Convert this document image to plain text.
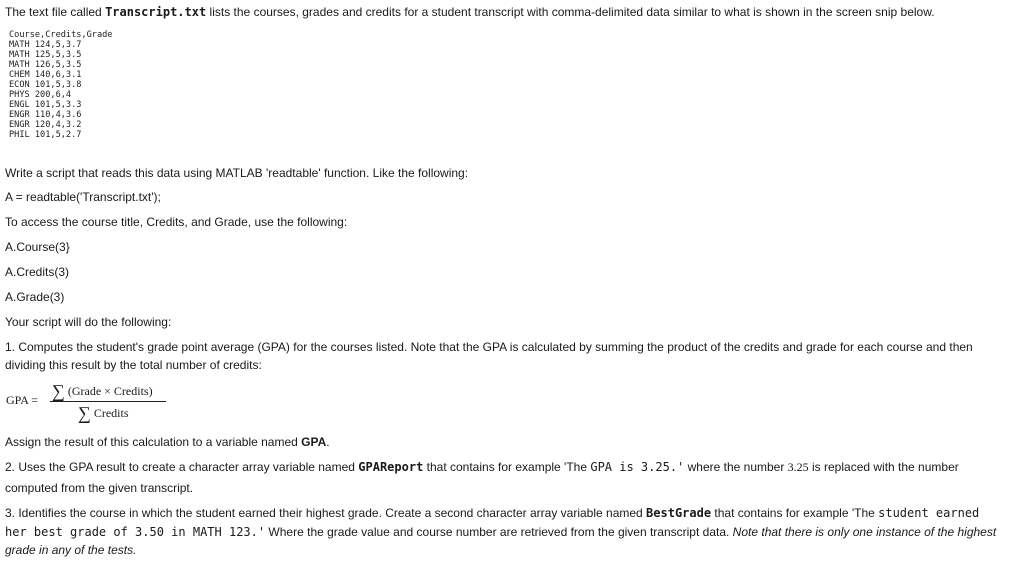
The text file called Transcript.txt lists the courses, grades and credits for a student transcript with comma-delimited data similar to what is shown in the screen snip below.
Course,Credits,Grade
MATH 124,5,3.7
MATH 125,5,3.5
MATH 126,5,3.5
CHEM 140,6,3.1
ECON 101,5,3.8
PHYS 200,6,4
ENGL 101,5,3.3
ENGR 110,4,3.6
ENGR 120,4,3.2
PHIL 101,5,2.7
Write a script that reads this data using MATLAB 'readtable' function. Like the following:
A = readtable('Transcript.txt');
To access the course title, Credits, and Grade, use the following:
A.Course(3}
A.Credits(3)
A.Grade(3)
Your script will do the following:
1. Computes the student's grade point average (GPA) for the courses listed. Note that the GPA is calculated by summing the product of the credits and grade for each course and then dividing this result by the total number of credits:
GPA = ∑ (Grade × Credits)
∑ Credits
Assign the result of this calculation to a variable named GPA.
2. Uses the GPA result to create a character array variable named GPAReport that contains for example 'The GPA is 3.25.' where the number 3.25 is replaced with the number
computed from the given transcript.
3. Identifies the course in which the student earned their highest grade. Create a second character array variable named BestGrade that contains for example 'The student earned
her best grade of 3.50 in MATH 123.' Where the grade value and course number are retrieved from the given transcript data. Note that there is only one instance of the highest grade in any of the tests.
